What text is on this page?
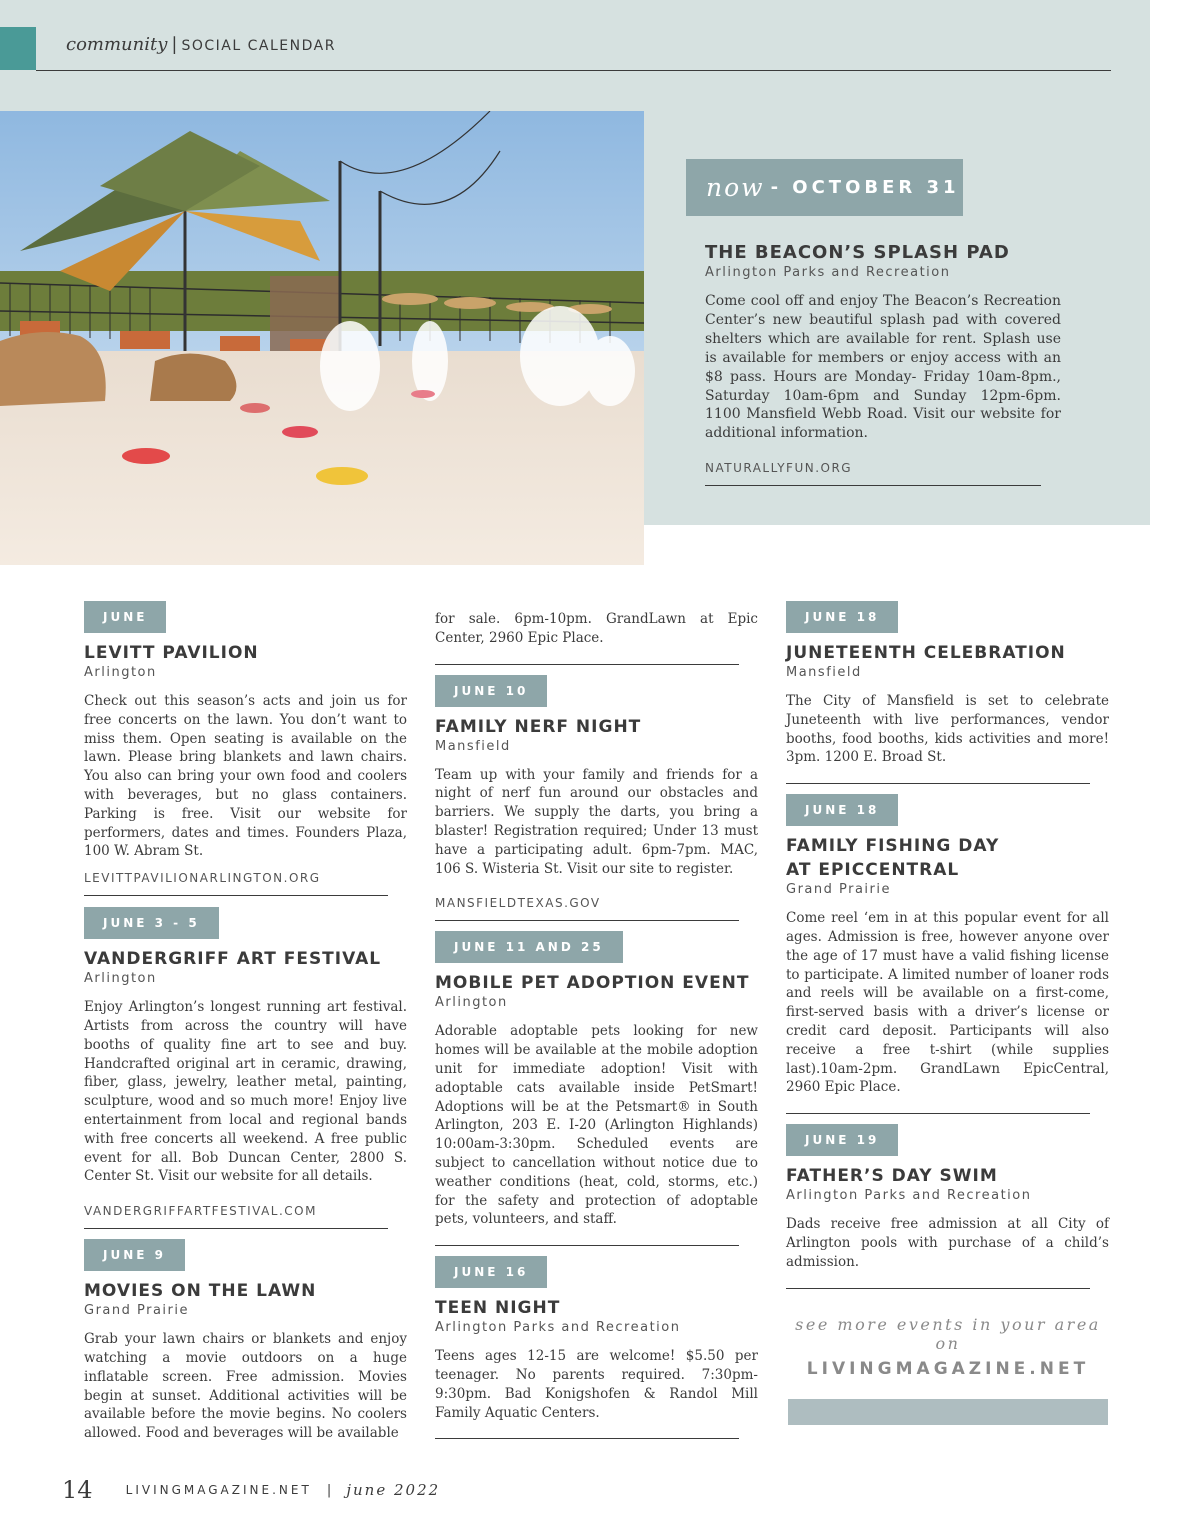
community | SOCIAL CALENDAR
now - OCTOBER 31
THE BEACON’S SPLASH PAD
Arlington Parks and Recreation
Come cool off and enjoy The Beacon’s Recreation Center’s new beautiful splash pad with covered shelters which are available for rent. Splash use is available for members or enjoy access with an $8 pass. Hours are Monday- Friday 10am-8pm., Saturday 10am-6pm and Sunday 12pm-6pm. 1100 Mansfield Webb Road. Visit our website for additional information.
NATURALLYFUN.ORG
JUNE
LEVITT PAVILION
Arlington
Check out this season’s acts and join us for free concerts on the lawn. You don’t want to miss them. Open seating is available on the lawn. Please bring blankets and lawn chairs. You also can bring your own food and coolers with beverages, but no glass containers. Parking is free. Visit our website for performers, dates and times. Founders Plaza, 100 W. Abram St.
LEVITTPAVILIONARLINGTON.ORG
JUNE 3 - 5
VANDERGRIFF ART FESTIVAL
Arlington
Enjoy Arlington’s longest running art festival. Artists from across the country will have booths of quality fine art to see and buy. Handcrafted original art in ceramic, drawing, fiber, glass, jewelry, leather metal, painting, sculpture, wood and so much more! Enjoy live entertainment from local and regional bands with free concerts all weekend. A free public event for all. Bob Duncan Center, 2800 S. Center St. Visit our website for all details.
VANDERGRIFFARTFESTIVAL.COM
JUNE 9
MOVIES ON THE LAWN
Grand Prairie
Grab your lawn chairs or blankets and enjoy watching a movie outdoors on a huge inflatable screen. Free admission. Movies begin at sunset. Additional activities will be available before the movie begins. No coolers allowed. Food and beverages will be available
for sale. 6pm-10pm. GrandLawn at Epic Center, 2960 Epic Place.
JUNE 10
FAMILY NERF NIGHT
Mansfield
Team up with your family and friends for a night of nerf fun around our obstacles and barriers. We supply the darts, you bring a blaster! Registration required; Under 13 must have a participating adult. 6pm-7pm. MAC, 106 S. Wisteria St. Visit our site to register.
MANSFIELDTEXAS.GOV
JUNE 11 AND 25
MOBILE PET ADOPTION EVENT
Arlington
Adorable adoptable pets looking for new homes will be available at the mobile adoption unit for immediate adoption! Visit with adoptable cats available inside PetSmart! Adoptions will be at the Petsmart® in South Arlington, 203 E. I-20 (Arlington Highlands) 10:00am-3:30pm. Scheduled events are subject to cancellation without notice due to weather conditions (heat, cold, storms, etc.) for the safety and protection of adoptable pets, volunteers, and staff.
JUNE 16
TEEN NIGHT
Arlington Parks and Recreation
Teens ages 12-15 are welcome! $5.50 per teenager. No parents required. 7:30pm-9:30pm. Bad Konigshofen & Randol Mill Family Aquatic Centers.
JUNE 18
JUNETEENTH CELEBRATION
Mansfield
The City of Mansfield is set to celebrate Juneteenth with live performances, vendor booths, food booths, kids activities and more! 3pm. 1200 E. Broad St.
JUNE 18
FAMILY FISHING DAY
AT EPICCENTRAL
Grand Prairie
Come reel ‘em in at this popular event for all ages. Admission is free, however anyone over the age of 17 must have a valid fishing license to participate. A limited number of loaner rods and reels will be available on a first-come, first-served basis with a driver’s license or credit card deposit. Participants will also receive a free t-shirt (while supplies last).10am-2pm. GrandLawn EpicCentral, 2960 Epic Place.
JUNE 19
FATHER’S DAY SWIM
Arlington Parks and Recreation
Dads receive free admission at all City of Arlington pools with purchase of a child’s admission.
see more events in your area on
LIVINGMAGAZINE.NET
14	LIVINGMAGAZINE.NET | june 2022
